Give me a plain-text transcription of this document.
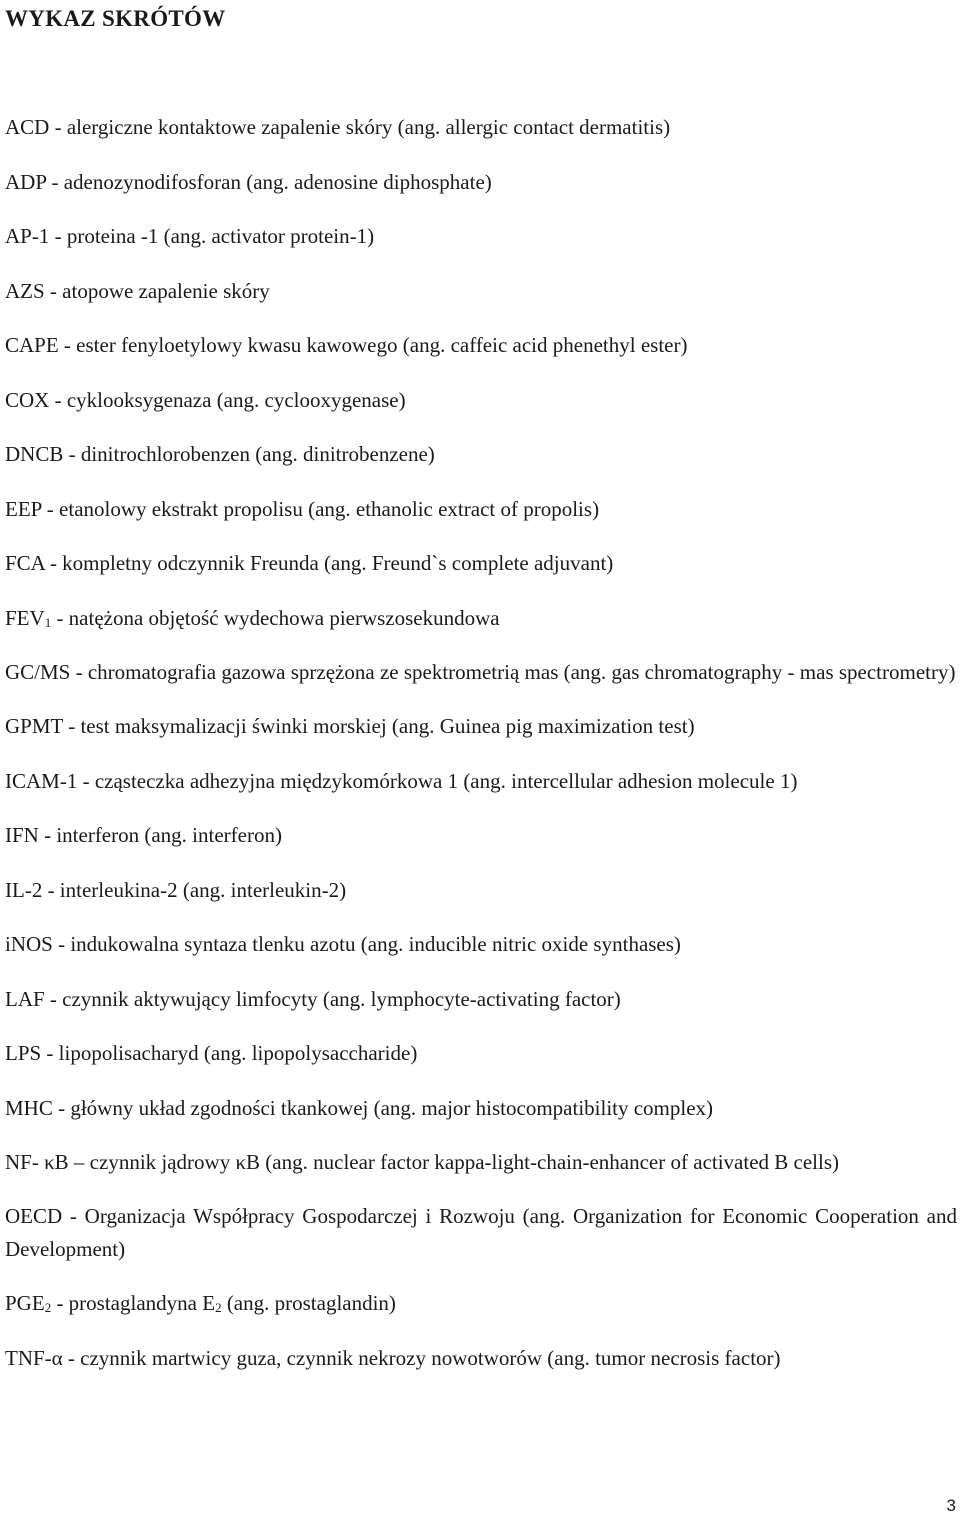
WYKAZ SKRÓTÓW
ACD - alergiczne kontaktowe zapalenie skóry (ang. allergic contact dermatitis)
ADP - adenozynodifosforan (ang. adenosine diphosphate)
AP-1 - proteina -1 (ang. activator protein-1)
AZS - atopowe zapalenie skóry
CAPE - ester fenyloetylowy kwasu kawowego (ang. caffeic acid phenethyl ester)
COX - cyklooksygenaza (ang. cyclooxygenase)
DNCB - dinitrochlorobenzen (ang. dinitrobenzene)
EEP - etanolowy ekstrakt propolisu (ang. ethanolic extract of propolis)
FCA - kompletny odczynnik Freunda (ang. Freund`s complete adjuvant)
$FEV_1$ - natężona objętość wydechowa pierwszosekundowa
GC/MS - chromatografia gazowa sprzężona ze spektrometrią mas (ang. gas chromatography - mas spectrometry)
GPMT - test maksymalizacji świnki morskiej (ang. Guinea pig maximization test)
ICAM-1 - cząsteczka adhezyjna międzykomórkowa 1 (ang. intercellular adhesion molecule 1)
IFN - interferon (ang. interferon)
IL-2 - interleukina-2 (ang. interleukin-2)
iNOS - indukowalna syntaza tlenku azotu (ang. inducible nitric oxide synthases)
LAF - czynnik aktywujący limfocyty (ang. lymphocyte-activating factor)
LPS - lipopolisacharyd (ang. lipopolysaccharide)
MHC - główny układ zgodności tkankowej (ang. major histocompatibility complex)
NF- κB – czynnik jądrowy κB (ang. nuclear factor kappa-light-chain-enhancer of activated B cells)
OECD - Organizacja Współpracy Gospodarczej i Rozwoju (ang. Organization for Economic Cooperation and Development)
$PGE_2$ - prostaglandyna $E_2$ (ang. prostaglandin)
TNF-α - czynnik martwicy guza, czynnik nekrozy nowotworów (ang. tumor necrosis factor)
3
